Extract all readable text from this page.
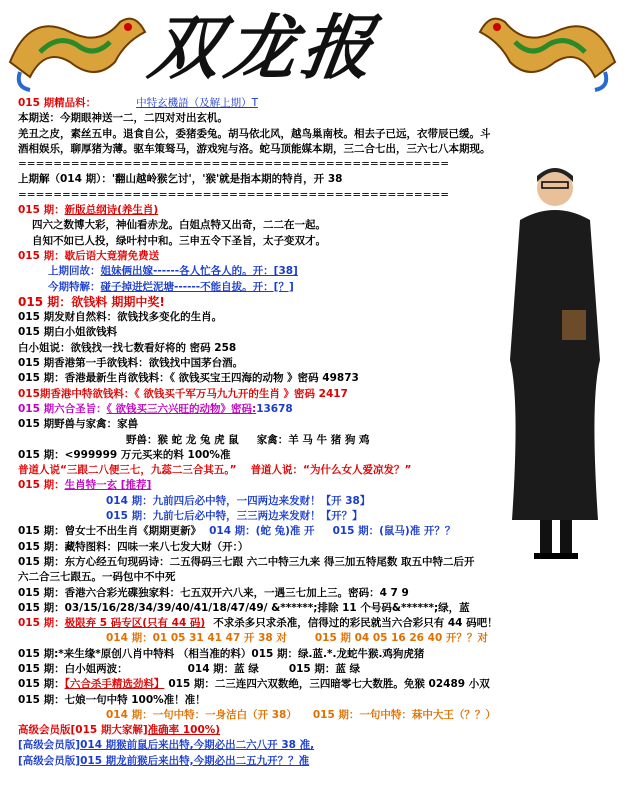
双龙报
015 期精品料：	中特玄機語（及解上期）T
本期送：今期眼神送一二，二四对对出玄机。
羌丑之皮，素丝五申。退食自公，委猪委兔。胡马依北风，越鸟巢南枝。相去子已远，衣带辰已缓。斗
酒相娱乐，聊厚猪为薄。驱车策驽马，游戏宛与洛。蛇马顶能媒本期，三二合七出，三六七八本期现。
=================================================
上期解（014 期）：'翻山越岭猴乞讨'，'猴'就是指本期的特肖，开 38
=================================================
015 期：新版总纲诗(养生肖)
四六之数博大彩，神仙看赤龙。白姐点特又出奇，二二在一起。
自知不如已人投，绿叶村中和。三申五令下圣旨，太子变双才。
015 期：歇后语大竟猜免费送
上期回故：姐妹俩出嫁------各人忙各人的。开：[38]
今期特解：碰子掉进烂泥塘------不能自拔。开：[？]
015 期：欲钱料 期期中奖!
015 期发财自然料：欲钱找多变化的生肖。
015 期白小姐欲钱料
白小姐说：欲钱找一找七数看好将的 密码 258
015 期香港第一手欲钱料：欲钱找中国茅台酒。
015 期：香港最新生肖欲钱料：《 欲钱买宝王四海的动物 》密码 49873
015期香港中特欲钱料：《 欲钱买千军万马九九开的生肖 》密码 2417
015 期六合圣旨：《 欲钱买三六兴旺的动物》密码:13678
015 期野兽与家禽：家兽
野兽：猴 蛇 龙 兔 虎 鼠 家禽：羊 马 牛 猪 狗 鸡
015 期：<999999 万元买来的料 100%准
普道人说“三跟二八便三七，九蕊二三合其五。” 普道人说：“为什么女人爱凉发？”
015 期：生肖特一玄 [推荐]
014 期：九前四后必中特，一四两边来发财！【开 38】
015 期：九前七后必中特，三三两边来发财！【开？】
015 期：曾女士不出生肖《期期更新》 014 期：(蛇 兔)准 开 015 期：(鼠马)准 开？？
015 期：藏特图料：四味一来八七发大财（开：）
015 期：东方心经五句现码诗：二五得码三七跟 六二中特三九来 得三加五特尾数 取五中特二后开
六二合三七跟五。一码包中不中死
015 期：香港六合彩光碟独家料：七五双开六八来，一遇三七加上三。密码：4 7 9
015 期：03/15/16/28/34/39/40/41/18/47/49/ &******;排除 11 个号码&******;绿，蓝
015 期：极限弃 5 码专区(只有 44 码) 不求杀多只求杀准，信得过的彩民就当六合彩只有 44 码吧！
014 期：01 05 31 41 47 开 38 对	015 期 04 05 16 26 40 开？？对
015 期:*来生缘*原创八肖中特料 （相当准的料）015 期：绿.蓝.*.龙蛇牛猴.鸡狗虎猪
015 期：白小姐两波：	014 期：蓝 绿	015 期：蓝 绿
015 期：【六合杀手精选劲料】 015 期：二三连四六双数绝，三四暗零七大数胜。免猴 02489 小双
015 期：七娘一句中特 100%准！准！
014 期：一句中特：一身洁白（开 38） 015 期：一句中特：菻中大王（？？）
高级会员版[015 期大家解]准确率 100%)
[高级会员版]014 期猴前鼠后来出特,今期必出二六八开 38 准,
[高级会员版]015 期龙前猴后来出特,今期必出二五九开？？准
